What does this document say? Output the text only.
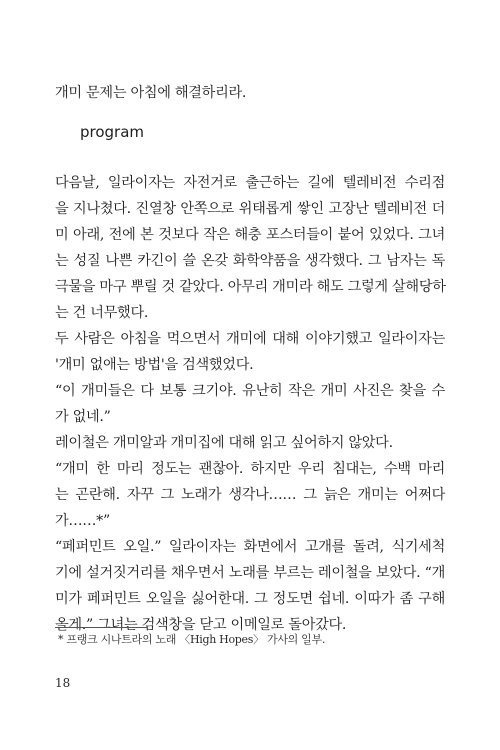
개미 문제는 아침에 해결하리라.
program
다음날, 일라이자는 자전거로 출근하는 길에 텔레비전 수리점
을 지나쳤다. 진열창 안쪽으로 위태롭게 쌓인 고장난 텔레비전 더
미 아래, 전에 본 것보다 작은 해충 포스터들이 붙어 있었다. 그녀
는 성질 나쁜 카긴이 쓸 온갖 화학약품을 생각했다. 그 남자는 독
극물을 마구 뿌릴 것 같았다. 아무리 개미라 해도 그렇게 살해당하
는 건 너무했다.
두 사람은 아침을 먹으면서 개미에 대해 이야기했고 일라이자는
'개미 없애는 방법'을 검색했었다.
“이 개미들은 다 보통 크기야. 유난히 작은 개미 사진은 찾을 수
가 없네.”
레이철은 개미알과 개미집에 대해 읽고 싶어하지 않았다.
“개미 한 마리 정도는 괜찮아. 하지만 우리 침대는, 수백 마리
는 곤란해. 자꾸 그 노래가 생각나…… 그 늙은 개미는 어쩌다
가……*”
“페퍼민트 오일.” 일라이자는 화면에서 고개를 돌려, 식기세척
기에 설거짓거리를 채우면서 노래를 부르는 레이철을 보았다. “개
미가 페퍼민트 오일을 싫어한대. 그 정도면 쉽네. 이따가 좀 구해
올게.” 그녀는 검색창을 닫고 이메일로 돌아갔다.
* 프랭크 시나트라의 노래 〈High Hopes〉 가사의 일부.
18
